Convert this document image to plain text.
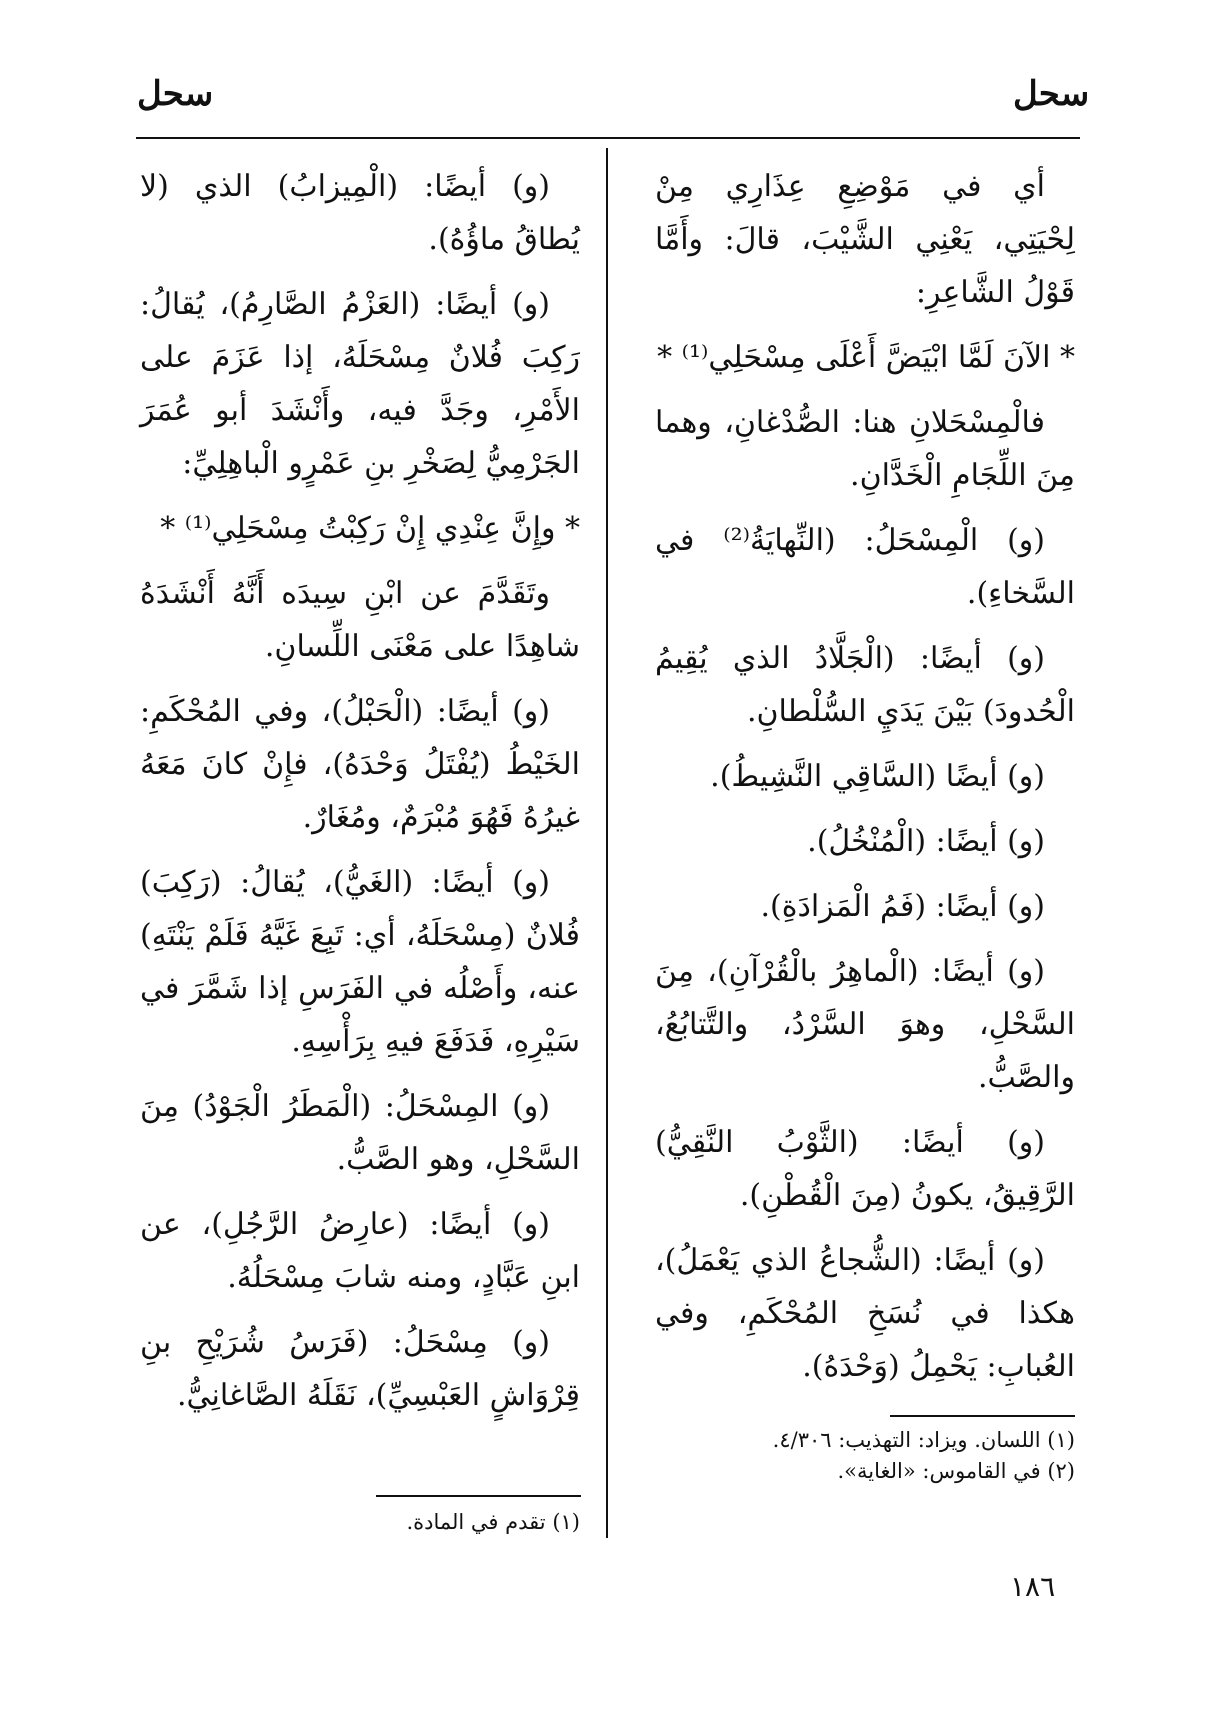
سحل
سحل

أي في مَوْضِعِ عِذَارِي مِنْ لِحْيَتِي، يَعْنِي الشَّيْبَ، قالَ: وأَمَّا قَوْلُ الشَّاعِرِ:

* الآنَ لَمَّا ابْيَضَّ أَعْلَى مِسْحَلِي⁽¹⁾ *

فالْمِسْحَلانِ هنا: الصُّدْغانِ، وهما مِنَ اللِّجَامِ الْخَدَّانِ.

(و) الْمِسْحَلُ: (النِّهايَةُ⁽²⁾ في السَّخاءِ).

(و) أيضًا: (الْجَلَّادُ الذي يُقِيمُ الْحُدودَ) بَيْنَ يَدَيِ السُّلْطانِ.

(و) أيضًا (السَّاقِي النَّشِيطُ).

(و) أيضًا: (الْمُنْخُلُ).

(و) أيضًا: (فَمُ الْمَزادَةِ).

(و) أيضًا: (الْماهِرُ بالْقُرْآنِ)، مِنَ السَّحْلِ، وهوَ السَّرْدُ، والتَّتابُعُ، والصَّبُّ.

(و) أيضًا: (الثَّوْبُ النَّقِيُّ) الرَّقِيقُ، يكونُ (مِنَ الْقُطْنِ).

(و) أيضًا: (الشُّجاعُ الذي يَعْمَلُ)، هكذا في نُسَخِ المُحْكَمِ، وفي العُبابِ: يَحْمِلُ (وَحْدَهُ).

(١) اللسان. ويزاد: التهذيب: ٤/٣٠٦.
(٢) في القاموس: «الغاية».

(و) أيضًا: (الْمِيزابُ) الذي (لا يُطاقُ ماؤُهُ).

(و) أيضًا: (العَزْمُ الصَّارِمُ)، يُقالُ: رَكِبَ فُلانٌ مِسْحَلَهُ، إذا عَزَمَ على الأَمْرِ، وجَدَّ فيه، وأَنْشَدَ أبو عُمَرَ الجَرْمِيُّ لِصَخْرِ بنِ عَمْرٍو الْباهِلِيِّ:

* وإِنَّ عِنْدِي إِنْ رَكِبْتُ مِسْحَلِي⁽¹⁾ *

وتَقَدَّمَ عن ابْنِ سِيدَه أَنَّهُ أَنْشَدَهُ شاهِدًا على مَعْنَى اللِّسانِ.

(و) أيضًا: (الْحَبْلُ)، وفي المُحْكَمِ: الخَيْطُ (يُفْتَلُ وَحْدَهُ)، فإِنْ كانَ مَعَهُ غيرُهُ فَهُوَ مُبْرَمٌ، ومُغَارٌ.

(و) أيضًا: (الغَيُّ)، يُقالُ: (رَكِبَ) فُلانٌ (مِسْحَلَهُ، أي: تَبِعَ غَيَّهُ فَلَمْ يَنْتَهِ) عنه، وأَصْلُه في الفَرَسِ إذا شَمَّرَ في سَيْرِهِ، فَدَفَعَ فيهِ بِرَأْسِهِ.

(و) المِسْحَلُ: (الْمَطَرُ الْجَوْدُ) مِنَ السَّحْلِ، وهو الصَّبُّ.

(و) أيضًا: (عارِضُ الرَّجُلِ)، عن ابنِ عَبَّادٍ، ومنه شابَ مِسْحَلُهُ.

(و) مِسْحَلُ: (فَرَسُ شُرَيْحِ بنِ قِرْوَاشٍ العَبْسِيِّ)، نَقَلَهُ الصَّاغانِيُّ.

(١) تقدم في المادة.
١٨٦
